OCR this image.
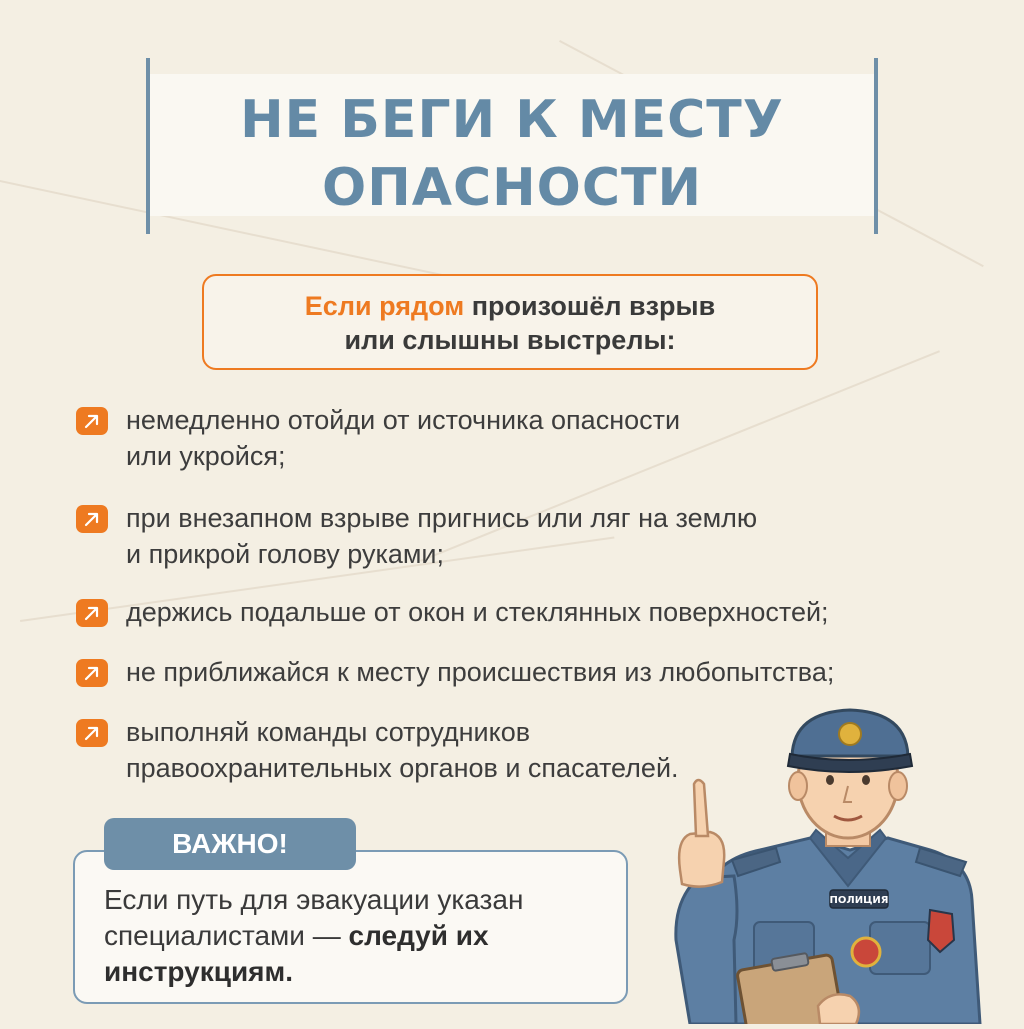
НЕ БЕГИ К МЕСТУ
ОПАСНОСТИ
Если рядом произошёл взрыв
или слышны выстрелы:
немедленно отойди от источника опасности
или укройся;
при внезапном взрыве пригнись или ляг на землю
и прикрой голову руками;
держись подальше от окон и стеклянных поверхностей;
не приближайся к месту происшествия из любопытства;
выполняй команды сотрудников
правоохранительных органов и спасателей.
ВАЖНО!
Если путь для эвакуации указан специалистами — следуй их инструкциям.
ПОЛИЦИЯ
